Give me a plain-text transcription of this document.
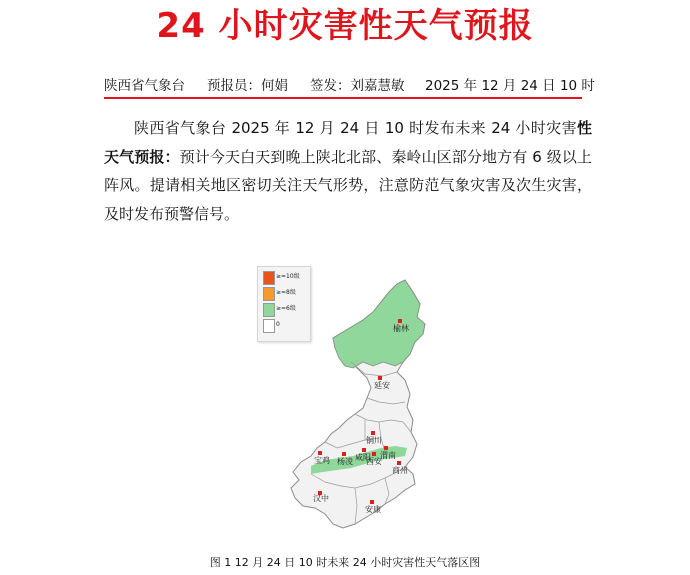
24 小时灾害性天气预报
陕西省气象台 预报员：何娟 签发：刘嘉慧敏 2025 年 12 月 24 日 10 时

陕西省气象台 2025 年 12 月 24 日 10 时发布未来 24 小时灾害性天气预报：预计今天白天到晚上陕北北部、秦岭山区部分地方有 6 级以上阵风。提请相关地区密切关注天气形势，注意防范气象灾害及次生灾害，及时发布预警信号。

≥=10级
≥=8级
≥=6级
0	榆林
延安
铜川
渭南
宝鸡	咸阳
西安
杨凌
商州
汉中
安康
图 1 12 月 24 日 10 时未来 24 小时灾害性天气落区图
